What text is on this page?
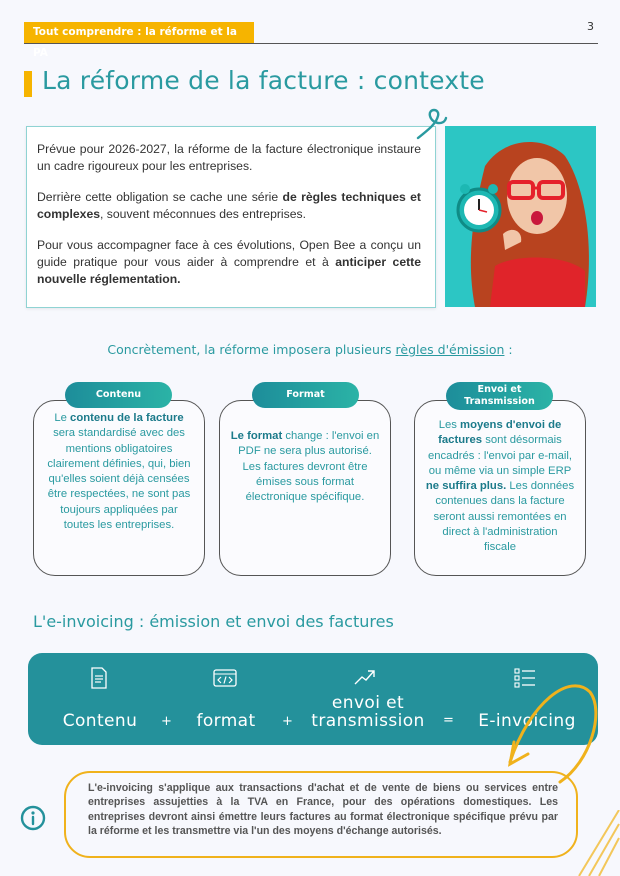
Tout comprendre : la réforme et la PA
3
La réforme de la facture : contexte

Prévue pour 2026-2027, la réforme de la facture électronique instaure un cadre rigoureux pour les entreprises.

Derrière cette obligation se cache une série de règles techniques et complexes, souvent méconnues des entreprises.

Pour vous accompagner face à ces évolutions, Open Bee a conçu un guide pratique pour vous aider à comprendre et à anticiper cette nouvelle réglementation.

Concrètement, la réforme imposera plusieurs règles d'émission :
Le contenu de la facture sera standardisé avec des mentions obligatoires clairement définies, qui, bien qu'elles soient déjà censées être respectées, ne sont pas toujours appliquées par toutes les entreprises.
Contenu
Le format change : l'envoi en PDF ne sera plus autorisé. Les factures devront être émises sous format électronique spécifique.
Format
Les moyens d'envoi de factures sont désormais encadrés : l'envoi par e-mail, ou même via un simple ERP ne suffira plus. Les données contenues dans la facture seront aussi remontées en direct à l'administration fiscale
Envoi et
Transmission
L'e-invoicing : émission et envoi des factures
Contenu	+	format	+
envoi et
transmission	=	E-invoicing
L'e-invoicing s'applique aux transactions d'achat et de vente de biens ou services entre entreprises assujetties à la TVA en France, pour des opérations domestiques. Les entreprises devront ainsi émettre leurs factures au format électronique spécifique prévu par la réforme et les transmettre via l'un des moyens d'échange autorisés.
